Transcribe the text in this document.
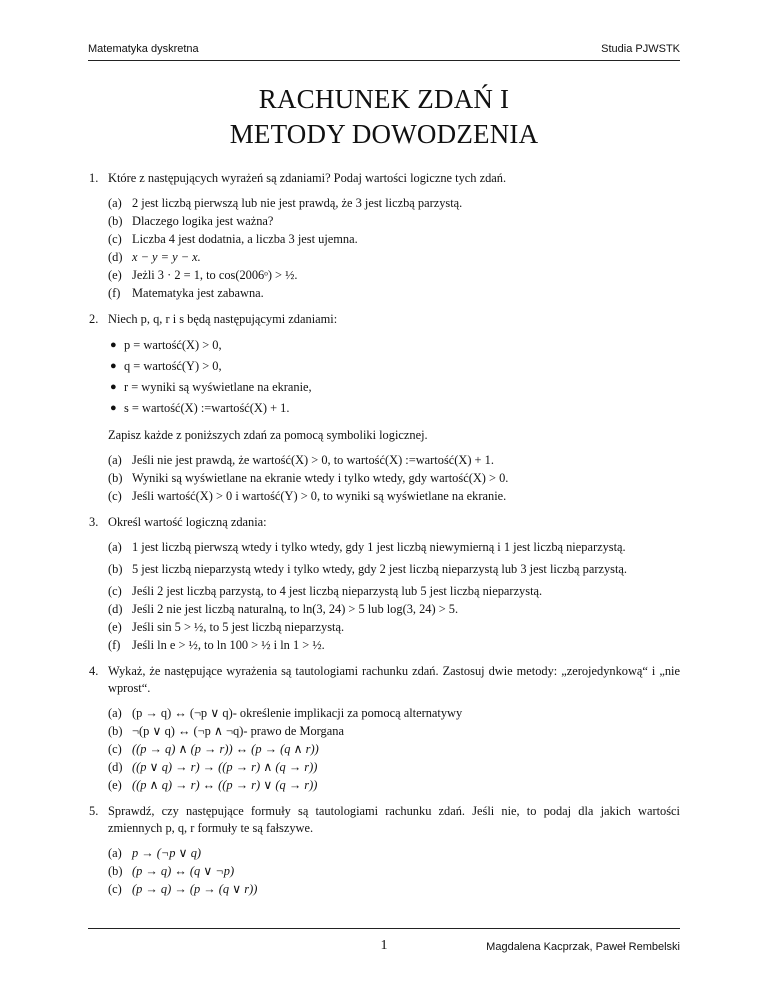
Matematyka dyskretna	Studia PJWSTK
RACHUNEK ZDAŃ I
METODY DOWODZENIA
1. Które z następujących wyrażeń są zdaniami? Podaj wartości logiczne tych zdań.
(a) 2 jest liczbą pierwszą lub nie jest prawdą, że 3 jest liczbą parzystą.
(b) Dlaczego logika jest ważna?
(c) Liczba 4 jest dodatnia, a liczba 3 jest ujemna.
(d) x − y = y − x.
(e) Jeżli 3 · 2 = 1, to cos(2006ᵒ) > ½.
(f) Matematyka jest zabawna.
2. Niech p, q, r i s będą następującymi zdaniami:
● p = wartość(X) > 0,
● q = wartość(Y) > 0,
● r = wyniki są wyświetlane na ekranie,
● s = wartość(X) :=wartość(X) + 1.
Zapisz każde z poniższych zdań za pomocą symboliki logicznej.
(a) Jeśli nie jest prawdą, że wartość(X) > 0, to wartość(X) :=wartość(X) + 1.
(b) Wyniki są wyświetlane na ekranie wtedy i tylko wtedy, gdy wartość(X) > 0.
(c) Jeśli wartość(X) > 0 i wartość(Y) > 0, to wyniki są wyświetlane na ekranie.
3. Określ wartość logiczną zdania:
(a) 1 jest liczbą pierwszą wtedy i tylko wtedy, gdy 1 jest liczbą niewymierną i 1 jest liczbą nieparzystą.
(b) 5 jest liczbą nieparzystą wtedy i tylko wtedy, gdy 2 jest liczbą nieparzystą lub 3 jest liczbą parzystą.
(c) Jeśli 2 jest liczbą parzystą, to 4 jest liczbą nieparzystą lub 5 jest liczbą nieparzystą.
(d) Jeśli 2 nie jest liczbą naturalną, to ln(3, 24) > 5 lub log(3, 24) > 5.
(e) Jeśli sin 5 > ½, to 5 jest liczbą nieparzystą.
(f) Jeśli ln e > ½, to ln 100 > ½ i ln 1 > ½.
4. Wykaż, że następujące wyrażenia są tautologiami rachunku zdań. Zastosuj dwie metody: „zerojedynkową“ i „nie wprost“.
(a) (p → q) ↔ (¬p ∨ q)- określenie implikacji za pomocą alternatywy
(b) ¬(p ∨ q) ↔ (¬p ∧ ¬q)- prawo de Morgana
(c) ((p → q) ∧ (p → r)) ↔ (p → (q ∧ r))
(d) ((p ∨ q) → r) → ((p → r) ∧ (q → r))
(e) ((p ∧ q) → r) ↔ ((p → r) ∨ (q → r))
5. Sprawdź, czy następujące formuły są tautologiami rachunku zdań. Jeśli nie, to podaj dla jakich wartości zmiennych p, q, r formuły te są fałszywe.
(a) p → (¬p ∨ q)
(b) (p → q) ↔ (q ∨ ¬p)
(c) (p → q) → (p → (q ∨ r))
1	Magdalena Kacprzak, Paweł Rembelski
